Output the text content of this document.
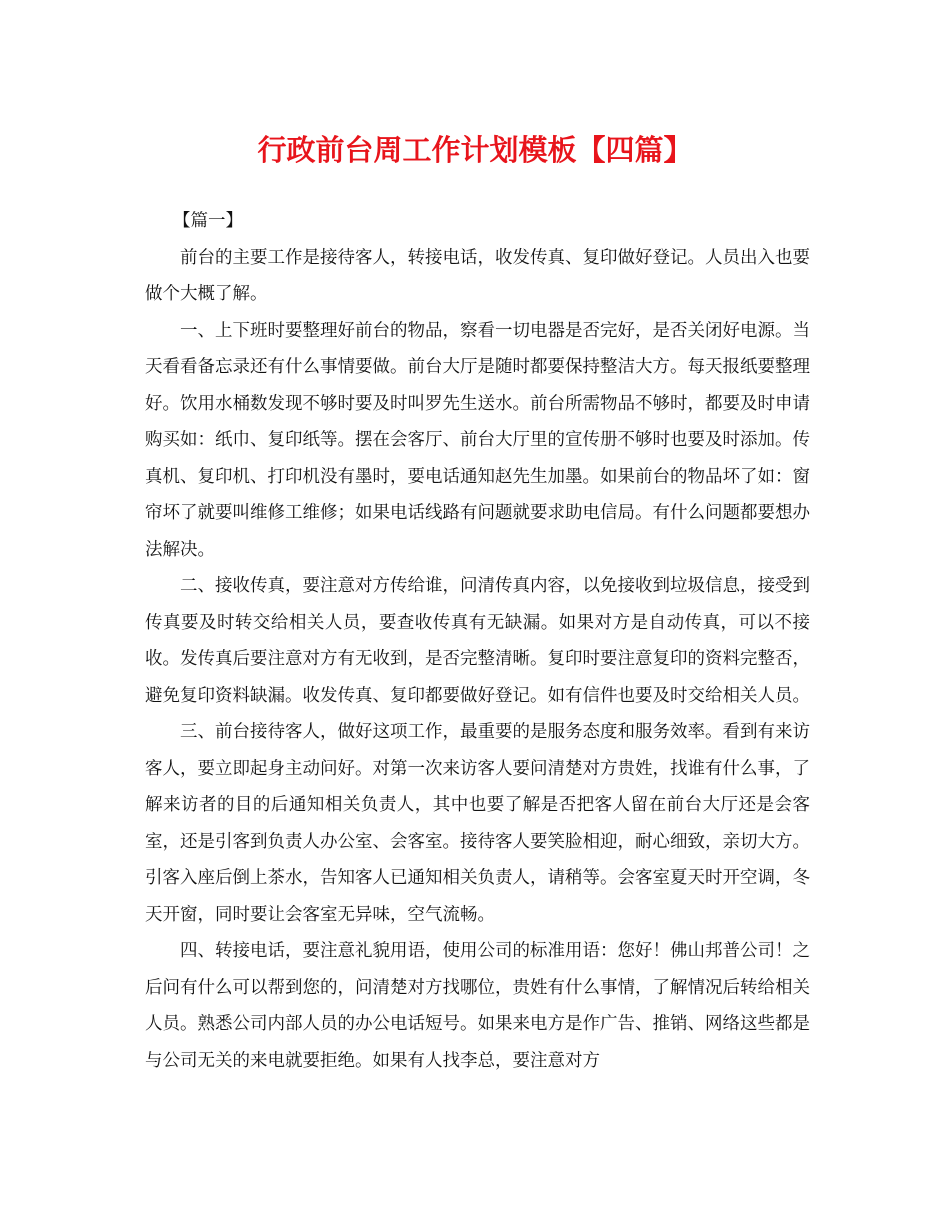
行政前台周工作计划模板【四篇】

【篇一】

前台的主要工作是接待客人，转接电话，收发传真、复印做好登记。人员出入也要做个大概了解。

一、上下班时要整理好前台的物品，察看一切电器是否完好，是否关闭好电源。当天看看备忘录还有什么事情要做。前台大厅是随时都要保持整洁大方。每天报纸要整理好。饮用水桶数发现不够时要及时叫罗先生送水。前台所需物品不够时，都要及时申请购买如：纸巾、复印纸等。摆在会客厅、前台大厅里的宣传册不够时也要及时添加。传真机、复印机、打印机没有墨时，要电话通知赵先生加墨。如果前台的物品坏了如：窗帘坏了就要叫维修工维修；如果电话线路有问题就要求助电信局。有什么问题都要想办法解决。

二、接收传真，要注意对方传给谁，问清传真内容，以免接收到垃圾信息，接受到传真要及时转交给相关人员，要查收传真有无缺漏。如果对方是自动传真，可以不接收。发传真后要注意对方有无收到，是否完整清晰。复印时要注意复印的资料完整否，避免复印资料缺漏。收发传真、复印都要做好登记。如有信件也要及时交给相关人员。

三、前台接待客人，做好这项工作，最重要的是服务态度和服务效率。看到有来访客人，要立即起身主动问好。对第一次来访客人要问清楚对方贵姓，找谁有什么事，了解来访者的目的后通知相关负责人，其中也要了解是否把客人留在前台大厅还是会客室，还是引客到负责人办公室、会客室。接待客人要笑脸相迎，耐心细致，亲切大方。引客入座后倒上茶水，告知客人已通知相关负责人，请稍等。会客室夏天时开空调，冬天开窗，同时要让会客室无异味，空气流畅。

四、转接电话，要注意礼貌用语，使用公司的标准用语：您好！佛山邦普公司！之后问有什么可以帮到您的，问清楚对方找哪位，贵姓有什么事情，了解情况后转给相关人员。熟悉公司内部人员的办公电话短号。如果来电方是作广告、推销、网络这些都是与公司无关的来电就要拒绝。如果有人找李总，要注意对方
